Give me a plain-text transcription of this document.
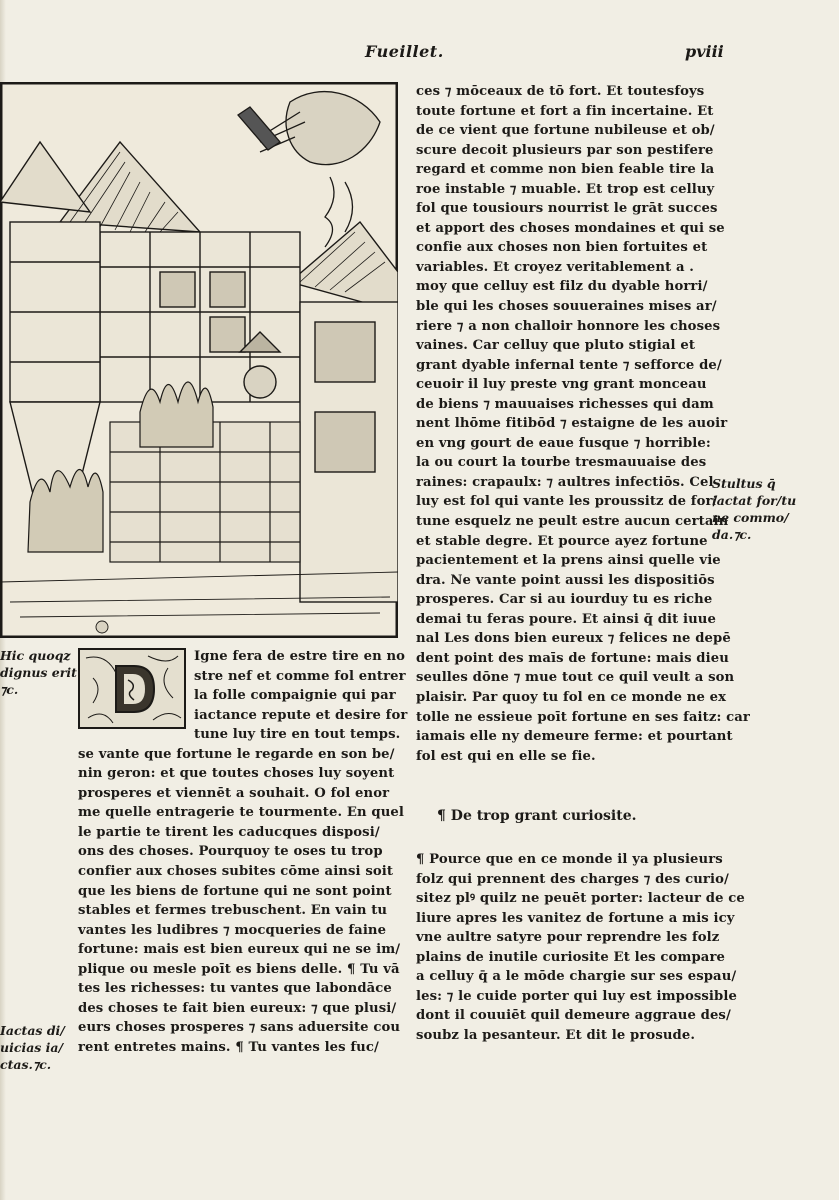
Fueillet.	pviii
ces ⁊ mōceaux de tō fort. Et toutesfoys
toute fortune et fort a fin incertaine. Et
de ce vient que fortune nubileuse et ob/
scure decoit plusieurs par son pestifere
regard et comme non bien feable tire la
roe instable ⁊ muable. Et trop est celluy
fol que tousiours nourrist le grāt succes
et apport des choses mondaines et qui se
confie aux choses non bien fortuites et
variables. Et croyez veritablement a .
moy que celluy est filz du dyable horri/
ble qui les choses souueraines mises ar/
riere ⁊ a non challoir honnore les choses
vaines. Car celluy que pluto stigial et
grant dyable infernal tente ⁊ sefforce de/
ceuoir il luy preste vng grant monceau
de biens ⁊ mauuaises richesses qui dam
nent lhōme fitibōd ⁊ estaigne de les auoir
en vng gourt de eaue fusque ⁊ horrible:
la ou court la tourbe tresmauuaise des
raines: crapaulx: ⁊ aultres infectiōs. Cel
luy est fol qui vante les proussitz de for/
tune esquelz ne peult estre aucun certain
et stable degre. Et pource ayez fortune
pacientement et la prens ainsi quelle vie
dra. Ne vante point aussi les dispositiōs
prosperes. Car si au iourduy tu es riche
demai tu feras poure. Et ainsi q̄ dit iuue
nal Les dons bien eureux ⁊ felices ne depē
dent point des maīs de fortune: mais dieu
seulles dōne ⁊ mue tout ce quil veult a son
plaisir. Par quoy tu fol en ce monde ne ex
tolle ne essieue poīt fortune en ses faitz: car
iamais elle ny demeure ferme: et pourtant
fol est qui en elle se fie.
¶ De trop grant curiosite.
¶ Pource que en ce monde il ya plusieurs
folz qui prennent des charges ⁊ des curio/
sitez plꝰ quilz ne peuēt porter: lacteur de ce
liure apres les vanitez de fortune a mis icy
vne aultre satyre pour reprendre les folz
plains de inutile curiosite Et les compare
a celluy q̄ a le mōde chargie sur ses espau/
les: ⁊ le cuide porter qui luy est impossible
dont il couuiēt quil demeure aggraue des/
soubz la pesanteur. Et dit le prosude.
Igne fera de estre tire en no
stre nef et comme fol entrer
la folle compaignie qui par
iactance repute et desire for
tune luy tire en tout temps.
se vante que fortune le regarde en son be/
nin geron: et que toutes choses luy soyent
prosperes et viennēt a souhait. O fol enor
me quelle entragerie te tourmente. En quel
le partie te tirent les caducques disposi/
ons des choses. Pourquoy te oses tu trop
confier aux choses subites cōme ainsi soit
que les biens de fortune qui ne sont point
stables et fermes trebuschent. En vain tu
vantes les ludibres ⁊ mocqueries de faine
fortune: mais est bien eureux qui ne se im/
plique ou mesle poīt es biens delle. ¶ Tu vā
tes les richesses: tu vantes que labondāce
des choses te fait bien eureux: ⁊ que plusi/
eurs choses prosperes ⁊ sans aduersite cou
rent entretes mains. ¶ Tu vantes les fuc/
Hic quoqz
dignus erit
⁊c.
Iactas di/
uicias ia/
ctas.⁊c.
Stultus q̄
iactat for/tu
ne commo/
da.⁊c.
